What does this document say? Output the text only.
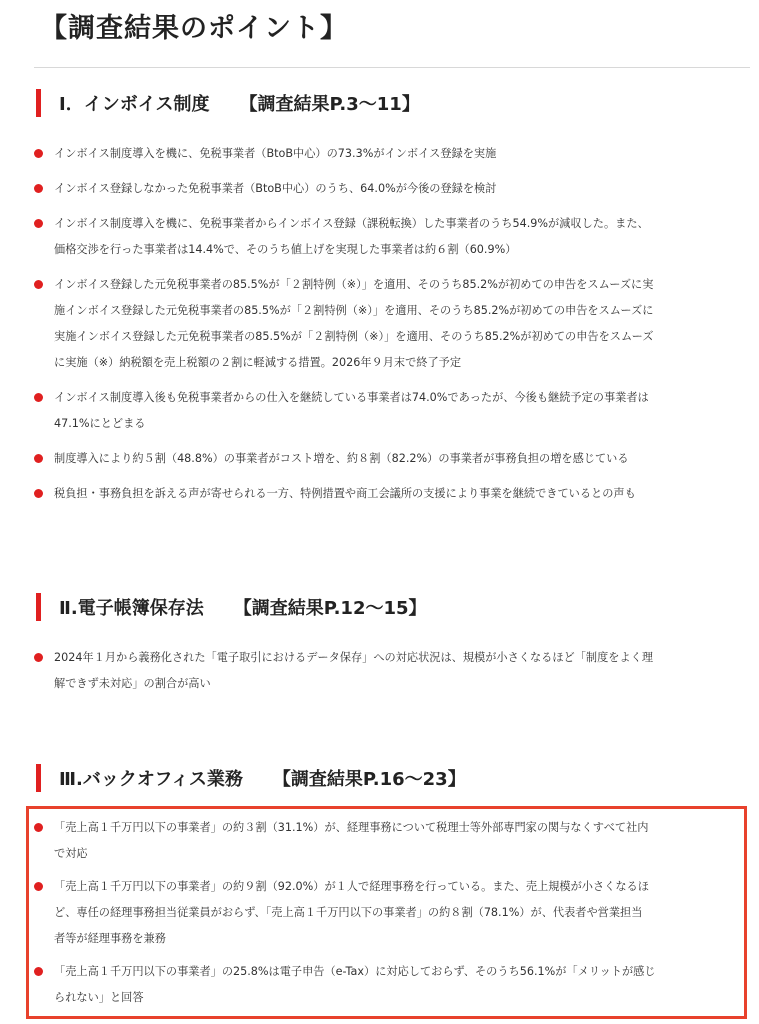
【調査結果のポイント】
Ⅰ．インボイス制度 【調査結果P.3〜11】
インボイス制度導入を機に、免税事業者（BtoB中心）の73.3%がインボイス登録を実施
インボイス登録しなかった免税事業者（BtoB中心）のうち、64.0%が今後の登録を検討
インボイス制度導入を機に、免税事業者からインボイス登録（課税転換）した事業者のうち54.9%が減収した。また、
価格交渉を行った事業者は14.4%で、そのうち値上げを実現した事業者は約６割（60.9%）
インボイス登録した元免税事業者の85.5%が「２割特例（※）」を適用、そのうち85.2%が初めての申告をスムーズに実
施インボイス登録した元免税事業者の85.5%が「２割特例（※）」を適用、そのうち85.2%が初めての申告をスムーズに
実施インボイス登録した元免税事業者の85.5%が「２割特例（※）」を適用、そのうち85.2%が初めての申告をスムーズ
に実施（※）納税額を売上税額の２割に軽減する措置。2026年９月末で終了予定
インボイス制度導入後も免税事業者からの仕入を継続している事業者は74.0%であったが、今後も継続予定の事業者は
47.1%にとどまる
制度導入により約５割（48.8%）の事業者がコスト増を、約８割（82.2%）の事業者が事務負担の増を感じている
税負担・事務負担を訴える声が寄せられる一方、特例措置や商工会議所の支援により事業を継続できているとの声も
Ⅱ.電子帳簿保存法 【調査結果P.12〜15】
2024年１月から義務化された「電子取引におけるデータ保存」への対応状況は、規模が小さくなるほど「制度をよく理
解できず未対応」の割合が高い
Ⅲ.バックオフィス業務 【調査結果P.16〜23】
「売上高１千万円以下の事業者」の約３割（31.1%）が、経理事務について税理士等外部専門家の関与なくすべて社内
で対応
「売上高１千万円以下の事業者」の約９割（92.0%）が１人で経理事務を行っている。また、売上規模が小さくなるほ
ど、専任の経理事務担当従業員がおらず、「売上高１千万円以下の事業者」の約８割（78.1%）が、代表者や営業担当
者等が経理事務を兼務
「売上高１千万円以下の事業者」の25.8%は電子申告（e-Tax）に対応しておらず、そのうち56.1%が「メリットが感じ
られない」と回答
